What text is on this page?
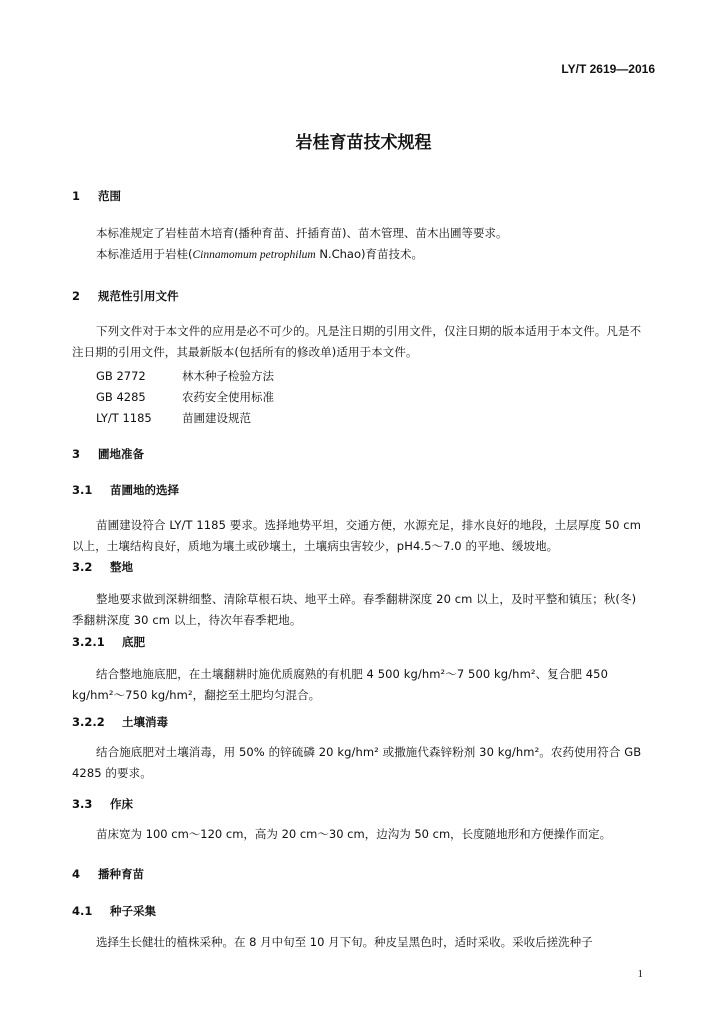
LY/T 2619—2016
岩桂育苗技术规程
1 范围
本标准规定了岩桂苗木培育(播种育苗、扦插育苗)、苗木管理、苗木出圃等要求。
本标准适用于岩桂(Cinnamomum petrophilum N.Chao)育苗技术。
2 规范性引用文件
下列文件对于本文件的应用是必不可少的。凡是注日期的引用文件，仅注日期的版本适用于本文件。凡是不注日期的引用文件，其最新版本(包括所有的修改单)适用于本文件。
GB 2772	林木种子检验方法
GB 4285	农药安全使用标准
LY/T 1185	苗圃建设规范
3 圃地准备
3.1 苗圃地的选择
苗圃建设符合 LY/T 1185 要求。选择地势平坦，交通方便，水源充足，排水良好的地段，土层厚度 50 cm 以上，土壤结构良好，质地为壤土或砂壤土，土壤病虫害较少，pH4.5～7.0 的平地、缓坡地。
3.2 整地
整地要求做到深耕细整、清除草根石块、地平土碎。春季翻耕深度 20 cm 以上，及时平整和镇压；秋(冬)季翻耕深度 30 cm 以上，待次年春季耙地。
3.2.1 底肥
结合整地施底肥，在土壤翻耕时施优质腐熟的有机肥 4 500 kg/hm²～7 500 kg/hm²、复合肥 450 kg/hm²～750 kg/hm²，翻挖至土肥均匀混合。
3.2.2 土壤消毒
结合施底肥对土壤消毒，用 50% 的锌硫磷 20 kg/hm² 或撒施代森锌粉剂 30 kg/hm²。农药使用符合 GB 4285 的要求。
3.3 作床
苗床宽为 100 cm～120 cm，高为 20 cm～30 cm，边沟为 50 cm，长度随地形和方便操作而定。
4 播种育苗
4.1 种子采集
选择生长健壮的植株采种。在 8 月中旬至 10 月下旬。种皮呈黑色时，适时采收。采收后搓洗种子
1
